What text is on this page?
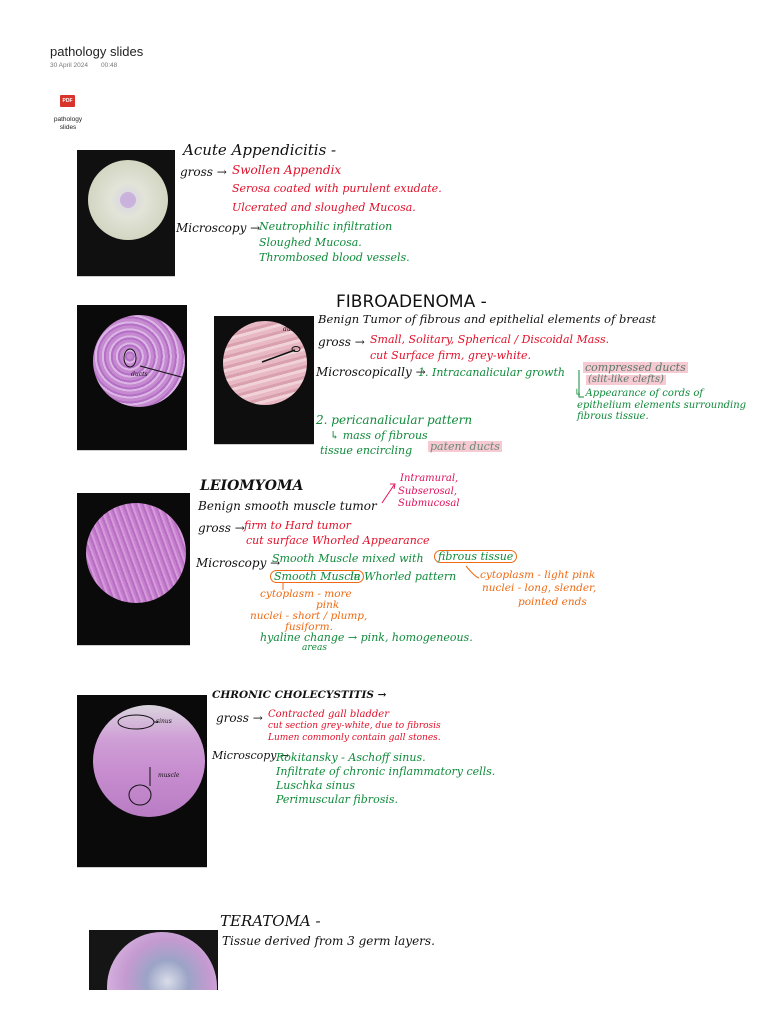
pathology slides
30 April 2024 00:48
PDF
pathology
slides
Acute Appendicitis -
gross → Swollen Appendix
Serosa coated with purulent exudate.
Ulcerated and sloughed Mucosa.
Microscopy →
Neutrophilic infiltration
Sloughed Mucosa.
Thrombosed blood vessels.
ducts
ducts
FIBROADENOMA -
Benign Tumor of fibrous and epithelial elements of breast
gross → Small, Solitary, Spherical / Discoidal Mass.
cut Surface firm, grey-white.
Microscopically →
1. Intracanalicular growth compressed ducts
(slit-like clefts)
↳ Appearance of cords of
epithelium elements surrounding
fibrous tissue.
2. pericanalicular pattern
↳ mass of fibrous
tissue encircling patent ducts
LEIOMYOMA
Benign smooth muscle tumor
Intramural,
Subserosal,
Submucosal
gross → firm to Hard tumor
cut surface Whorled Appearance
Microscopy →
Smooth Muscle mixed with	fibrous tissue
Smooth Muscle
in Whorled pattern cytoplasm - light pink
nuclei - long, slender,
pointed ends
cytoplasm - more
pink
nuclei - short / plump,
fusiform.
hyaline change → pink, homogeneous.
areas
sinus
muscle
CHRONIC CHOLECYSTITIS →
gross → Contracted gall bladder
cut section grey-white, due to fibrosis
Lumen commonly contain gall stones.
Microscopy →
Rokitansky - Aschoff sinus.
Infiltrate of chronic inflammatory cells.
Luschka sinus
Perimuscular fibrosis.
TERATOMA -
Tissue derived from 3 germ layers.
